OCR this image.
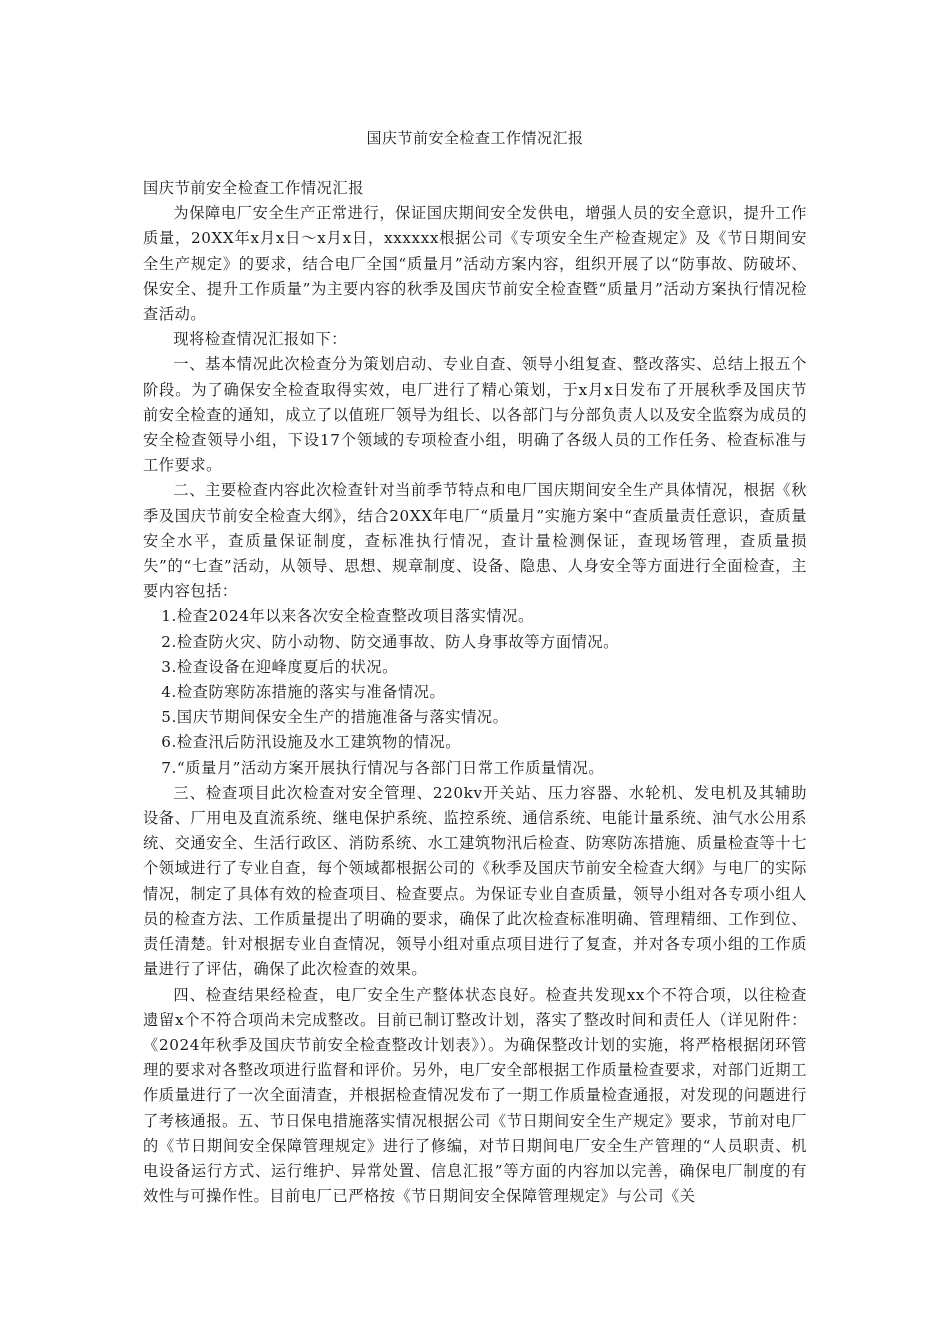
国庆节前安全检查工作情况汇报

国庆节前安全检查工作情况汇报

为保障电厂安全生产正常进行，保证国庆期间安全发供电，增强人员的安全意识，提升工作质量，20XX年x月x日～x月x日，xxxxxx根据公司《专项安全生产检查规定》及《节日期间安全生产规定》的要求，结合电厂全国“质量月”活动方案内容，组织开展了以“防事故、防破坏、保安全、提升工作质量”为主要内容的秋季及国庆节前安全检查暨“质量月”活动方案执行情况检查活动。

现将检查情况汇报如下：

一、基本情况此次检查分为策划启动、专业自查、领导小组复查、整改落实、总结上报五个阶段。为了确保安全检查取得实效，电厂进行了精心策划，于x月x日发布了开展秋季及国庆节前安全检查的通知，成立了以值班厂领导为组长、以各部门与分部负责人以及安全监察为成员的安全检查领导小组，下设17个领域的专项检查小组，明确了各级人员的工作任务、检查标准与工作要求。

二、主要检查内容此次检查针对当前季节特点和电厂国庆期间安全生产具体情况，根据《秋季及国庆节前安全检查大纲》，结合20XX年电厂“质量月”实施方案中“查质量责任意识，查质量安全水平，查质量保证制度，查标准执行情况，查计量检测保证，查现场管理，查质量损失”的“七查”活动，从领导、思想、规章制度、设备、隐患、人身安全等方面进行全面检查，主要内容包括：

1.检查2024年以来各次安全检查整改项目落实情况。

2.检查防火灾、防小动物、防交通事故、防人身事故等方面情况。

3.检查设备在迎峰度夏后的状况。

4.检查防寒防冻措施的落实与准备情况。

5.国庆节期间保安全生产的措施准备与落实情况。

6.检查汛后防汛设施及水工建筑物的情况。

7.“质量月”活动方案开展执行情况与各部门日常工作质量情况。

三、检查项目此次检查对安全管理、220kv开关站、压力容器、水轮机、发电机及其辅助设备、厂用电及直流系统、继电保护系统、监控系统、通信系统、电能计量系统、油气水公用系统、交通安全、生活行政区、消防系统、水工建筑物汛后检查、防寒防冻措施、质量检查等十七个领域进行了专业自查，每个领域都根据公司的《秋季及国庆节前安全检查大纲》与电厂的实际情况，制定了具体有效的检查项目、检查要点。为保证专业自查质量，领导小组对各专项小组人员的检查方法、工作质量提出了明确的要求，确保了此次检查标准明确、管理精细、工作到位、责任清楚。针对根据专业自查情况，领导小组对重点项目进行了复查，并对各专项小组的工作质量进行了评估，确保了此次检查的效果。

四、检查结果经检查，电厂安全生产整体状态良好。检查共发现xx个不符合项，以往检查遗留x个不符合项尚未完成整改。目前已制订整改计划，落实了整改时间和责任人（详见附件：《2024年秋季及国庆节前安全检查整改计划表》）。为确保整改计划的实施，将严格根据闭环管理的要求对各整改项进行监督和评价。另外，电厂安全部根据工作质量检查要求，对部门近期工作质量进行了一次全面清查，并根据检查情况发布了一期工作质量检查通报，对发现的问题进行了考核通报。五、节日保电措施落实情况根据公司《节日期间安全生产规定》要求，节前对电厂的《节日期间安全保障管理规定》进行了修编，对节日期间电厂安全生产管理的“人员职责、机电设备运行方式、运行维护、异常处置、信息汇报”等方面的内容加以完善，确保电厂制度的有效性与可操作性。目前电厂已严格按《节日期间安全保障管理规定》与公司《关
